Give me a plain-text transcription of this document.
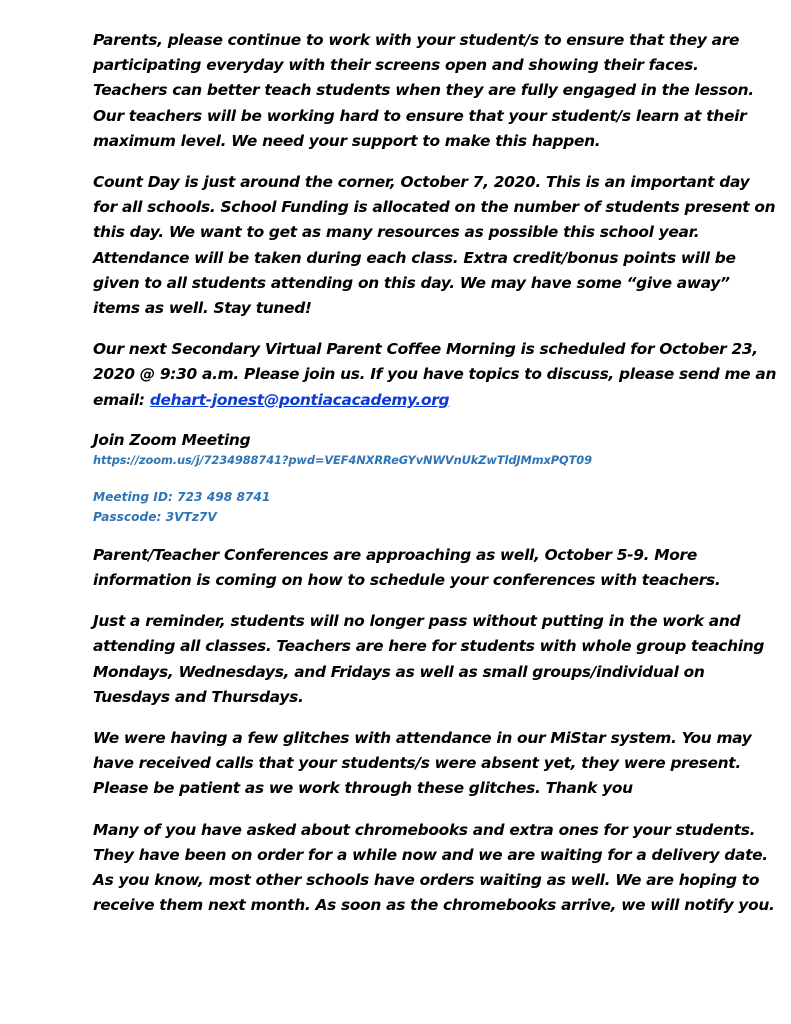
Parents, please continue to work with your student/s to ensure that they are
participating everyday with their screens open and showing their faces.
Teachers can better teach students when they are fully engaged in the lesson.
Our teachers will be working hard to ensure that your student/s learn at their
maximum level. We need your support to make this happen.

Count Day is just around the corner, October 7, 2020. This is an important day
for all schools. School Funding is allocated on the number of students present on
this day. We want to get as many resources as possible this school year.
Attendance will be taken during each class. Extra credit/bonus points will be
given to all students attending on this day. We may have some “give away”
items as well. Stay tuned!

Our next Secondary Virtual Parent Coffee Morning is scheduled for October 23,
2020 @ 9:30 a.m. Please join us. If you have topics to discuss, please send me an
email: dehart-jonest@pontiacacademy.org

Join Zoom Meeting
https://zoom.us/j/7234988741?pwd=VEF4NXRReGYvNWVnUkZwTldJMmxPQT09
Meeting ID: 723 498 8741
Passcode: 3VTz7V

Parent/Teacher Conferences are approaching as well, October 5-9. More
information is coming on how to schedule your conferences with teachers.

Just a reminder, students will no longer pass without putting in the work and
attending all classes. Teachers are here for students with whole group teaching
Mondays, Wednesdays, and Fridays as well as small groups/individual on
Tuesdays and Thursdays.

We were having a few glitches with attendance in our MiStar system. You may
have received calls that your students/s were absent yet, they were present.
Please be patient as we work through these glitches. Thank you

Many of you have asked about chromebooks and extra ones for your students.
They have been on order for a while now and we are waiting for a delivery date.
As you know, most other schools have orders waiting as well. We are hoping to
receive them next month. As soon as the chromebooks arrive, we will notify you.
